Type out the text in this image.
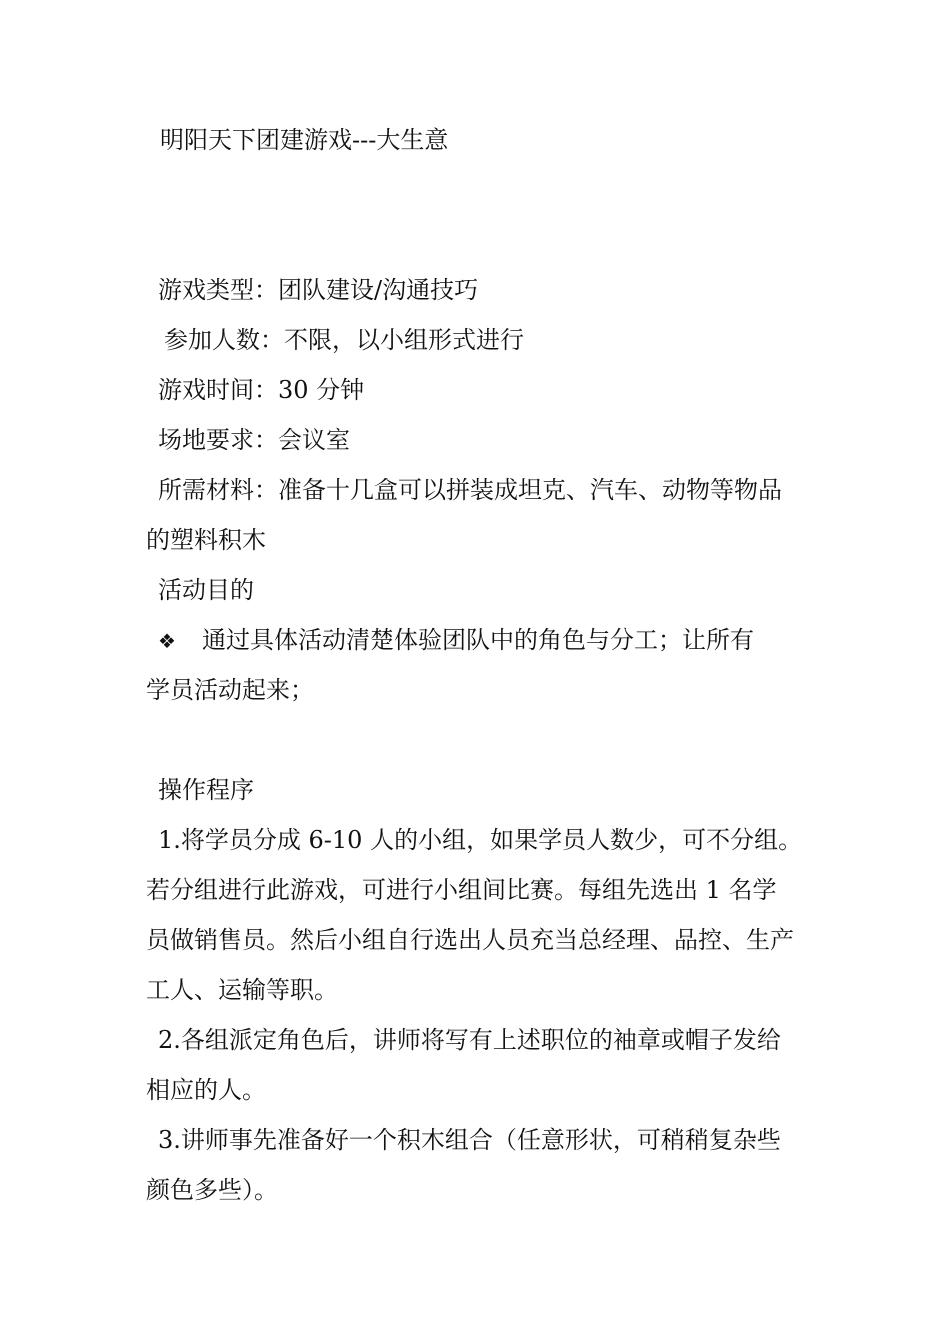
明阳天下团建游戏---大生意
游戏类型：团队建设/沟通技巧
参加人数：不限，以小组形式进行
游戏时间：30 分钟
场地要求：会议室
所需材料：准备十几盒可以拼装成坦克、汽车、动物等物品
的塑料积木
活动目的
❖ 通过具体活动清楚体验团队中的角色与分工；让所有
学员活动起来；
操作程序
1.将学员分成 6-10 人的小组，如果学员人数少，可不分组。
若分组进行此游戏，可进行小组间比赛。每组先选出 1 名学
员做销售员。然后小组自行选出人员充当总经理、品控、生产
工人、运输等职。
2.各组派定角色后，讲师将写有上述职位的袖章或帽子发给
相应的人。
3.讲师事先准备好一个积木组合（任意形状，可稍稍复杂些
颜色多些）。
